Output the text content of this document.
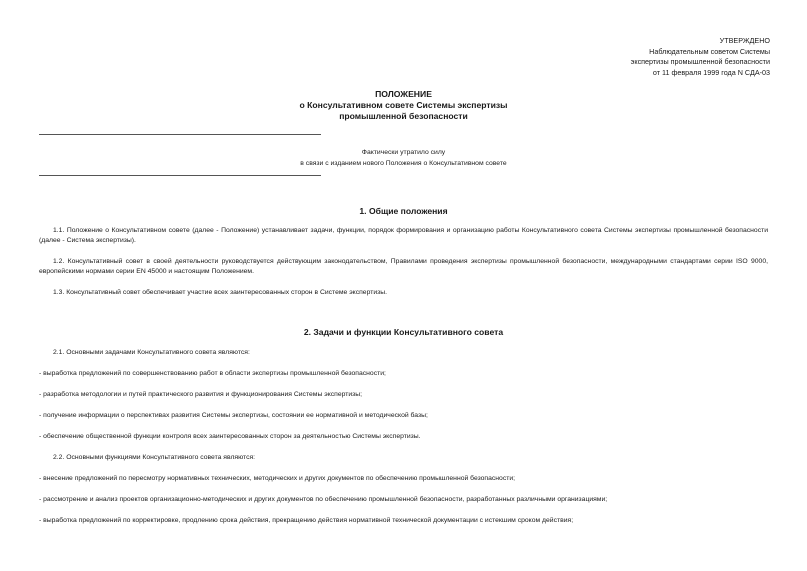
УТВЕРЖДЕНО
Наблюдательным советом Системы
экспертизы промышленной безопасности
от 11 февраля 1999 года N СДА-03
ПОЛОЖЕНИЕ
о Консультативном совете Системы экспертизы
промышленной безопасности
Фактически утратило силу
в связи с изданием нового Положения о Консультативном совете
1. Общие положения
1.1. Положение о Консультативном совете (далее - Положение) устанавливает задачи, функции, порядок формирования и организацию работы Консультативного совета Системы экспертизы промышленной безопасности (далее - Система экспертизы).
1.2. Консультативный совет в своей деятельности руководствуется действующим законодательством, Правилами проведения экспертизы промышленной безопасности, международными стандартами серии ISO 9000, европейскими нормами серии EN 45000 и настоящим Положением.
1.3. Консультативный совет обеспечивает участие всех заинтересованных сторон в Системе экспертизы.
2. Задачи и функции Консультативного совета
2.1. Основными задачами Консультативного совета являются:
- выработка предложений по совершенствованию работ в области экспертизы промышленной безопасности;
- разработка методологии и путей практического развития и функционирования Системы экспертизы;
- получение информации о перспективах развития Системы экспертизы, состоянии ее нормативной и методической базы;
- обеспечение общественной функции контроля всех заинтересованных сторон за деятельностью Системы экспертизы.
2.2. Основными функциями Консультативного совета являются:
- внесение предложений по пересмотру нормативных технических, методических и других документов по обеспечению промышленной безопасности;
- рассмотрение и анализ проектов организационно-методических и других документов по обеспечению промышленной безопасности, разработанных различными организациями;
- выработка предложений по корректировке, продлению срока действия, прекращению действия нормативной технической документации с истекшим сроком действия;
